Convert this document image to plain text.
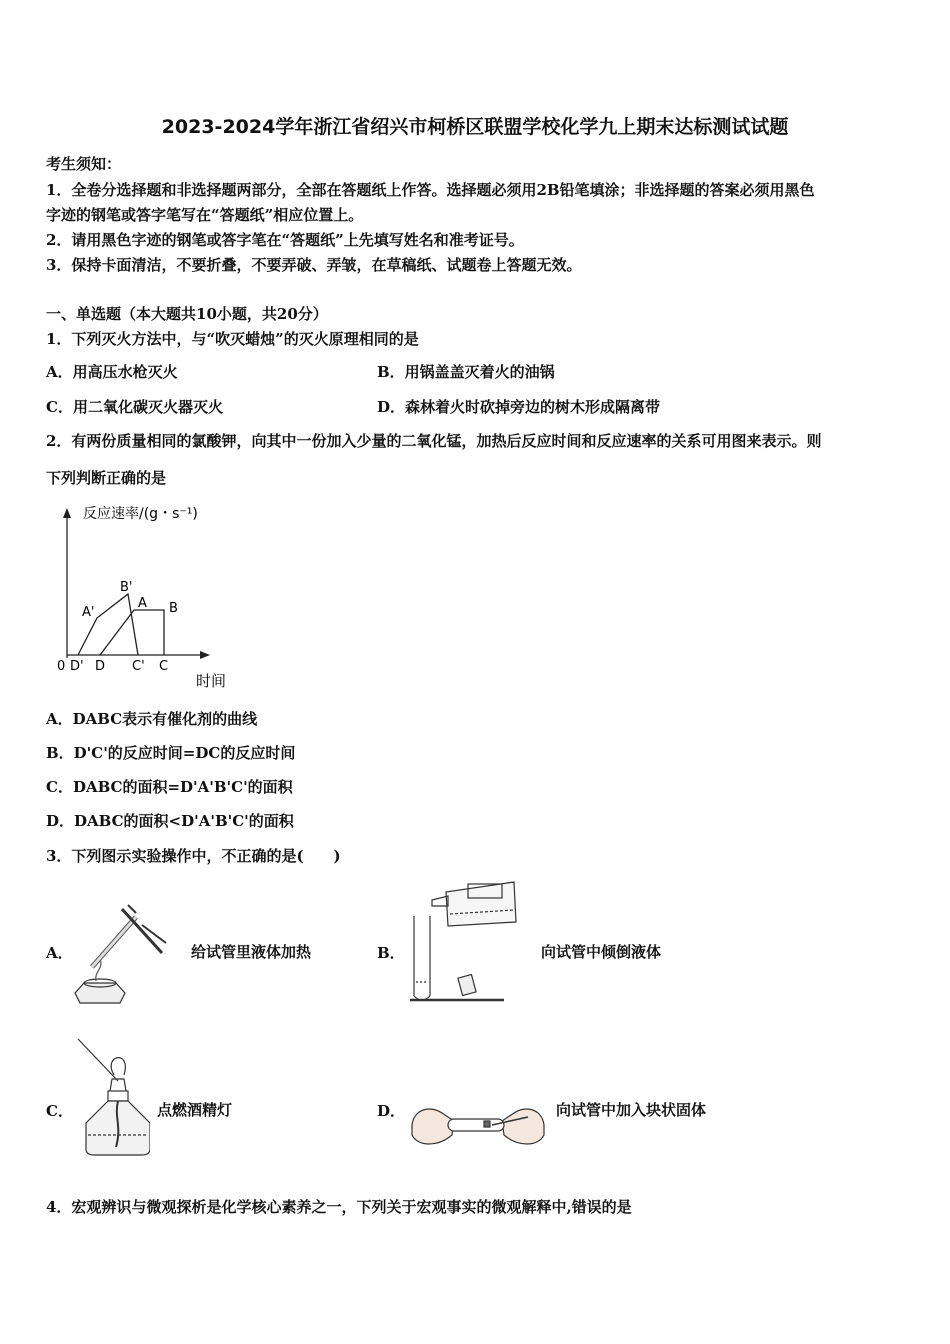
2023-2024学年浙江省绍兴市柯桥区联盟学校化学九上期末达标测试试题
考生须知：
1．全卷分选择题和非选择题两部分，全部在答题纸上作答。选择题必须用2B铅笔填涂；非选择题的答案必须用黑色
字迹的钢笔或答字笔写在“答题纸”相应位置上。
2．请用黑色字迹的钢笔或答字笔在“答题纸”上先填写姓名和准考证号。
3．保持卡面清洁，不要折叠，不要弄破、弄皱，在草稿纸、试题卷上答题无效。
一、单选题（本大题共10小题，共20分）
1．下列灭火方法中，与“吹灭蜡烛”的灭火原理相同的是
A．用高压水枪灭火	B．用锅盖盖灭着火的油锅
C．用二氧化碳灭火器灭火	D．森林着火时砍掉旁边的树木形成隔离带
2．有两份质量相同的氯酸钾，向其中一份加入少量的二氧化锰，加热后反应时间和反应速率的关系可用图来表示。则
下列判断正确的是
反应速率/(g・s⁻¹)
时间
0 D' D C' C
A'
B'
A B
A．DABC表示有催化剂的曲线
B．D'C'的反应时间=DC的反应时间
C．DABC的面积=D'A'B'C'的面积
D．DABC的面积<D'A'B'C'的面积
3．下列图示实验操作中，不正确的是(　　)
A．	给试管里液体加热	B．	向试管中倾倒液体
C．	点燃酒精灯	D．	向试管中加入块状固体
4．宏观辨识与微观探析是化学核心素养之一，下列关于宏观事实的微观解释中,错误的是
